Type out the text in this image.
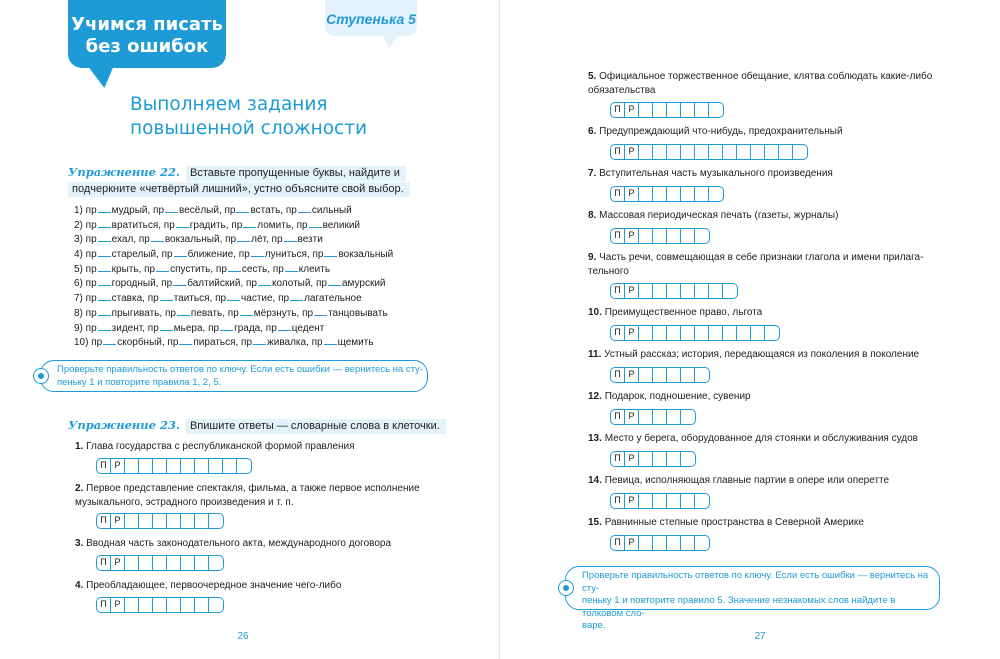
Учимся писать
без ошибок
Ступенька 5
Выполняем задания
повышенной сложности
Упражнение 22. Вставьте пропущенные буквы, найдите и подчеркните «четвёртый лишний», устно объясните свой выбор.
1) пр мудрый, пр весёлый, пр встать, пр сильный
2) пр вратиться, пр градить, пр ломить, пр великий
3) пр ехал, пр вокзальный, пр лёт, пр везти
4) пр старелый, пр ближение, пр луниться, пр вокзальный
5) пр крыть, пр спустить, пр сесть, пр клеить
6) пр городный, пр балтийский, пр колотый, пр амурский
7) пр ставка, пр таиться, пр частие, пр лагательное
8) пр прыгивать, пр певать, пр мёрзнуть, пр танцовывать
9) пр зидент, пр мьера, пр града, пр цедент
10) пр скорбный, пр пираться, пр живалка, пр щемить
Проверьте правильность ответов по ключу. Если есть ошибки — вернитесь на сту-
пеньку 1 и повторите правила 1, 2, 5.
Упражнение 23. Впишите ответы — словарные слова в клеточки.
1. Глава государства с республиканской формой правления
П Р
2. Первое представление спектакля, фильма, а также первое исполнение
музыкального, эстрадного произведения и т. п.
П Р
3. Вводная часть законодательного акта, международного договора
П Р
4. Преобладающее, первоочередное значение чего-либо
П Р
26
5. Официальное торжественное обещание, клятва соблюдать какие-либо
обязательства
П Р
6. Предупреждающий что-нибудь, предохранительный
П Р
7. Вступительная часть музыкального произведения
П Р
8. Массовая периодическая печать (газеты, журналы)
П Р
9. Часть речи, совмещающая в себе признаки глагола и имени прилага-
тельного
П Р
10. Преимущественное право, льгота
П Р
11. Устный рассказ; история, передающаяся из поколения в поколение
П Р
12. Подарок, подношение, сувенир
П Р
13. Место у берега, оборудованное для стоянки и обслуживания судов
П Р
14. Певица, исполняющая главные партии в опере или оперетте
П Р
15. Равнинные степные пространства в Северной Америке
П Р
Проверьте правильность ответов по ключу. Если есть ошибки — вернитесь на сту-
пеньку 1 и повторите правило 5. Значение незнакомых слов найдите в толковом сло-
варе.
27
